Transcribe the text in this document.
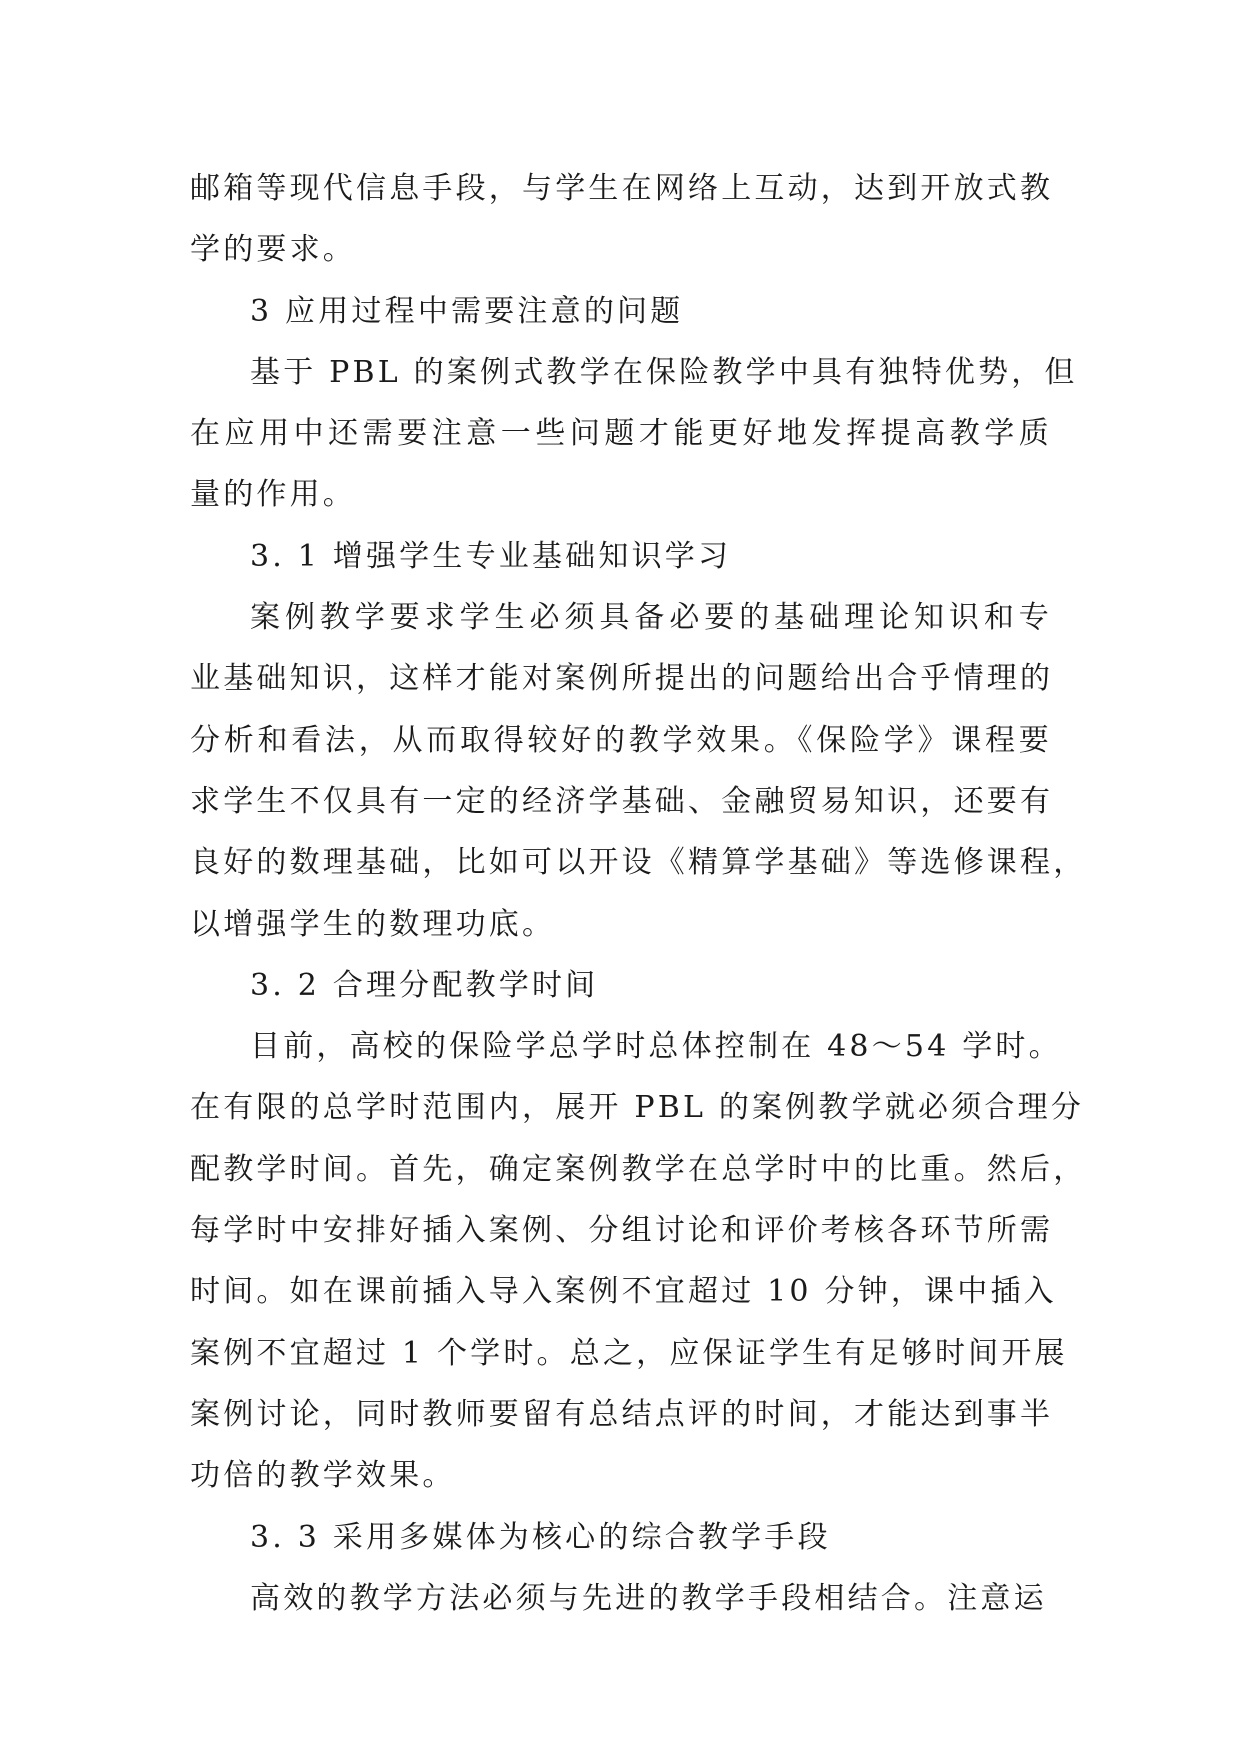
邮箱等现代信息手段，与学生在网络上互动，达到开放式教
学的要求。
3 应用过程中需要注意的问题
基于 PBL 的案例式教学在保险教学中具有独特优势，但
在应用中还需要注意一些问题才能更好地发挥提高教学质
量的作用。
3. 1 增强学生专业基础知识学习
案例教学要求学生必须具备必要的基础理论知识和专
业基础知识，这样才能对案例所提出的问题给出合乎情理的
分析和看法，从而取得较好的教学效果。《保险学》课程要
求学生不仅具有一定的经济学基础、金融贸易知识，还要有
良好的数理基础，比如可以开设《精算学基础》等选修课程，
以增强学生的数理功底。
3. 2 合理分配教学时间
目前，高校的保险学总学时总体控制在 48～54 学时。
在有限的总学时范围内，展开 PBL 的案例教学就必须合理分
配教学时间。首先，确定案例教学在总学时中的比重。然后，
每学时中安排好插入案例、分组讨论和评价考核各环节所需
时间。如在课前插入导入案例不宜超过 10 分钟，课中插入
案例不宜超过 1 个学时。总之，应保证学生有足够时间开展
案例讨论，同时教师要留有总结点评的时间，才能达到事半
功倍的教学效果。
3. 3 采用多媒体为核心的综合教学手段
高效的教学方法必须与先进的教学手段相结合。注意运
